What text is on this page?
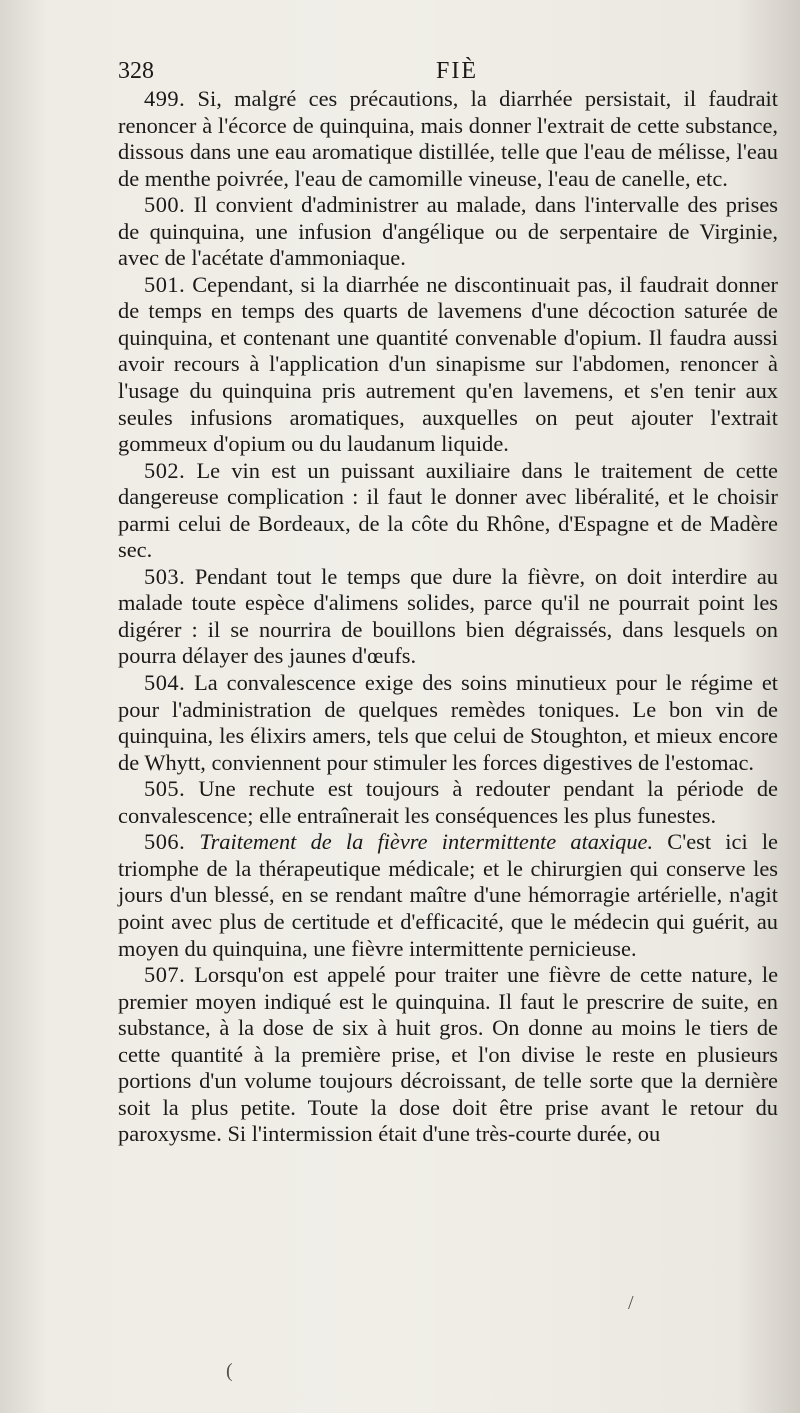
328	FIÈ

499. Si, malgré ces précautions, la diarrhée persistait, il faudrait renoncer à l'écorce de quinquina, mais donner l'extrait de cette substance, dissous dans une eau aromatique distillée, telle que l'eau de mélisse, l'eau de menthe poivrée, l'eau de camomille vineuse, l'eau de canelle, etc.

500. Il convient d'administrer au malade, dans l'intervalle des prises de quinquina, une infusion d'angélique ou de serpentaire de Virginie, avec de l'acétate d'ammoniaque.

501. Cependant, si la diarrhée ne discontinuait pas, il faudrait donner de temps en temps des quarts de lavemens d'une décoction saturée de quinquina, et contenant une quantité convenable d'opium. Il faudra aussi avoir recours à l'application d'un sinapisme sur l'abdomen, renoncer à l'usage du quinquina pris autrement qu'en lavemens, et s'en tenir aux seules infusions aromatiques, auxquelles on peut ajouter l'extrait gommeux d'opium ou du laudanum liquide.

502. Le vin est un puissant auxiliaire dans le traitement de cette dangereuse complication : il faut le donner avec libéralité, et le choisir parmi celui de Bordeaux, de la côte du Rhône, d'Espagne et de Madère sec.

503. Pendant tout le temps que dure la fièvre, on doit interdire au malade toute espèce d'alimens solides, parce qu'il ne pourrait point les digérer : il se nourrira de bouillons bien dégraissés, dans lesquels on pourra délayer des jaunes d'œufs.

504. La convalescence exige des soins minutieux pour le régime et pour l'administration de quelques remèdes toniques. Le bon vin de quinquina, les élixirs amers, tels que celui de Stoughton, et mieux encore de Whytt, conviennent pour stimuler les forces digestives de l'estomac.

505. Une rechute est toujours à redouter pendant la période de convalescence; elle entraînerait les conséquences les plus funestes.

506. Traitement de la fièvre intermittente ataxique. C'est ici le triomphe de la thérapeutique médicale; et le chirurgien qui conserve les jours d'un blessé, en se rendant maître d'une hémorragie artérielle, n'agit point avec plus de certitude et d'efficacité, que le médecin qui guérit, au moyen du quinquina, une fièvre intermittente pernicieuse.

507. Lorsqu'on est appelé pour traiter une fièvre de cette nature, le premier moyen indiqué est le quinquina. Il faut le prescrire de suite, en substance, à la dose de six à huit gros. On donne au moins le tiers de cette quantité à la première prise, et l'on divise le reste en plusieurs portions d'un volume toujours décroissant, de telle sorte que la dernière soit la plus petite. Toute la dose doit être prise avant le retour du paroxysme. Si l'intermission était d'une très-courte durée, ou

/
(
